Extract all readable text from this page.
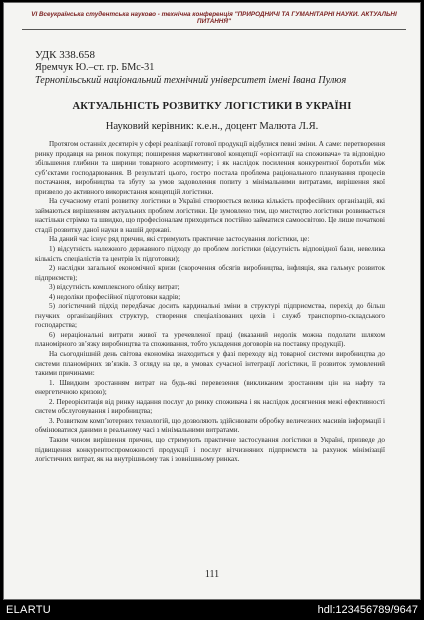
VI Всеукраїнська студентська науково - технічна конференція "ПРИРОДНИЧІ ТА ГУМАНІТАРНІ НАУКИ. АКТУАЛЬНІ ПИТАННЯ"
УДК 338.658
Яремчук Ю.–ст. гр. БМс-31
Тернопільський національний технічний університет імені Івана Пулюя
АКТУАЛЬНІСТЬ РОЗВИТКУ ЛОГІСТИКИ В УКРАЇНІ
Науковий керівник: к.е.н., доцент Малюта Л.Я.

Протягом останніх десятиріч у сфері реалізації готової продукції відбулися певні зміни. А саме: перетворення ринку продавця на ринок покупця; поширення маркетингової концепції «орієнтації на споживача» та відповідно збільшення глибини та ширини товарного асортименту; і як наслідок посилення конкурентної боротьби між суб’єктами господарювання. В результаті цього, гостро постала проблема раціонального планування процесів постачання, виробництва та збуту за умов задоволення попиту з мінімальними витратами, вирішення якої призвело до активного використання концепцій логістики.

На сучасному етапі розвитку логістики в Україні створюється велика кількість професійних організацій, які займаються вирішенням актуальних проблем логістики. Це зумовлено тим, що мистецтво логістики розвивається настільки стрімко та швидко, що професіоналам приходиться постійно займатися самоосвітою. Це лише початкові стадії розвитку даної науки в нашій державі.

На даний час існує ряд причин, які стримують практичне застосування логістики, це:

1) відсутність належного державного підходу до проблем логістики (відсутність відповідної бази, невелика кількість спеціалістів та центрів їх підготовки);

2) наслідки загальної економічної кризи (скорочення обсягів виробництва, інфляція, яка гальмує розвиток підприємств);

3) відсутність комплексного обліку витрат;

4) недоліки професійної підготовки кадрів;

5) логістичний підхід передбачає досить кардинальні зміни в структурі підприємства, перехід до більш гнучких організаційних структур, створення спеціалізованих цехів і служб транспортно-складського господарства;

6) нераціональні витрати живої та уречевленої праці (вказаний недолік можна подолати шляхом планомірного зв’язку виробництва та споживання, тобто укладення договорів на поставку продукції).

На сьогоднішній день світова економіка знаходиться у фазі переходу від товарної системи виробництва до системи планомірних зв’язків. З огляду на це, в умовах сучасної інтеграції логістики, її розвиток зумовлений такими причинами:

1. Швидким зростанням витрат на будь-які перевезення (викликаним зростанням цін на нафту та енергетичною кризою);

2. Переорієнтація від ринку надання послуг до ринку споживача і як наслідок досягнення межі ефективності систем обслуговування і виробництва;

3. Розвитком комп’ютерних технологій, що дозволяють здійснювати обробку величезних масивів інформації і обмінюватися даними в реальному часі з мінімальними витратами.

Таким чином вирішення причин, що стримують практичне застосування логістики в Україні, призведе до підвищення конкурентоспроможності продукції і послуг вітчизняних підприємств за рахунок мінімізації логістичних витрат, як на внутрішньому так і зовнішньому ринках.

111
ELARTU	hdl:123456789/9647
